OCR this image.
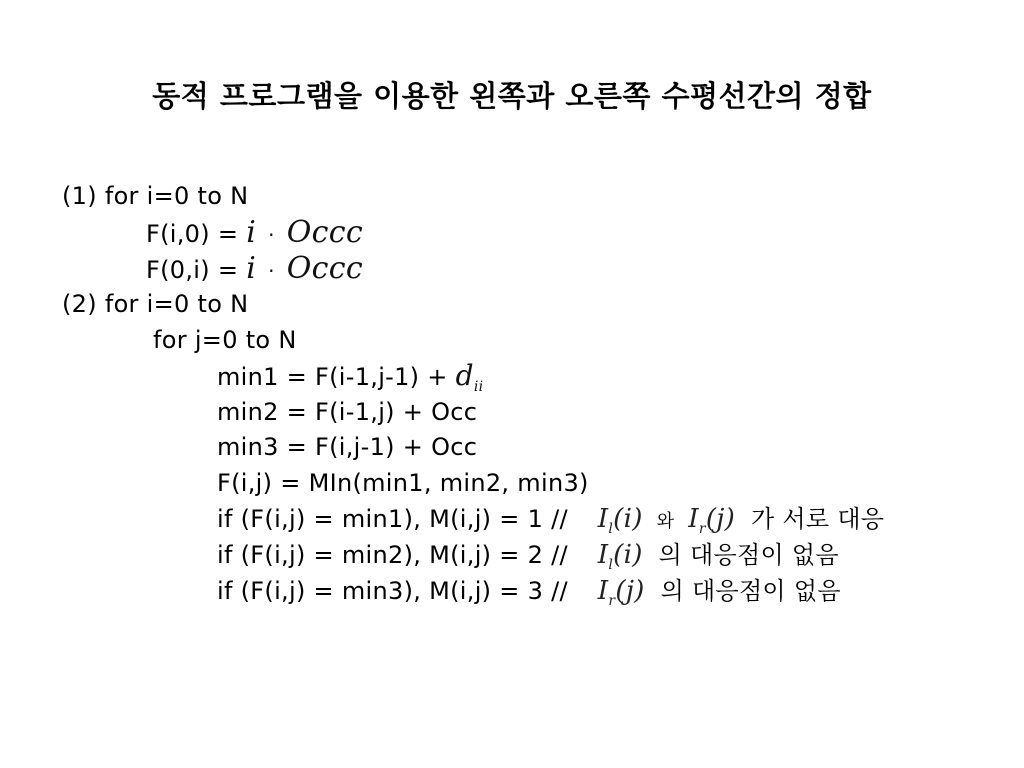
동적 프로그램을 이용한 왼쪽과 오른쪽 수평선간의 정합
(1) for i=0 to N
F(i,0) = i · Occc
F(0,i) = i · Occc
(2) for i=0 to N
for j=0 to N
$\min 1 = F(i-1,j-1) + d_{ii}$
min2 = F(i-1,j) + Occ
min3 = F(i,j-1) + Occ
F(i,j) = MIn(min1, min2, min3)
if (F(i,j) = min1), $M(i,j) = 1 // I_l(i)$ 와 $I_r(j)$ 가 서로 대응
if (F(i,j) = min2), $M(i,j) = 2 // I_l(i)$ 의 대응점이 없음
if (F(i,j) = min3), $M(i,j) = 3 // I_r(j)$ 의 대응점이 없음
